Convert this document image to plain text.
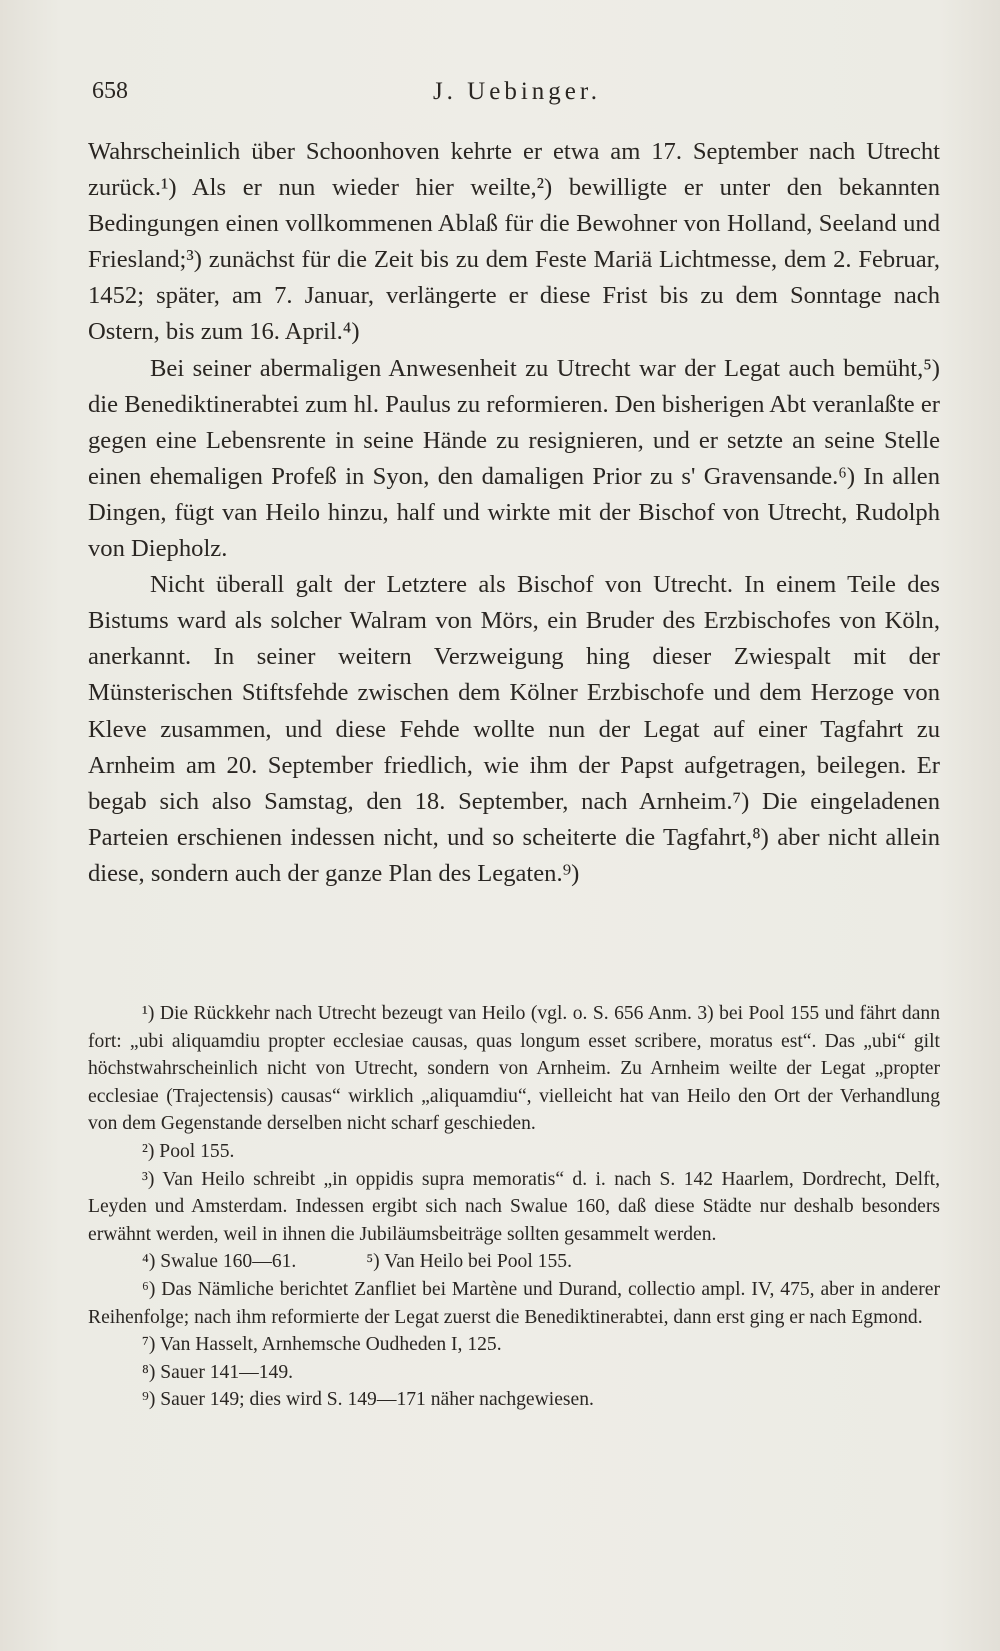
658	J. Uebinger.

Wahrscheinlich über Schoonhoven kehrte er etwa am 17. September nach Utrecht zurück.¹) Als er nun wieder hier weilte,²) bewilligte er unter den bekannten Bedingungen einen vollkommenen Ablaß für die Bewohner von Holland, Seeland und Friesland;³) zunächst für die Zeit bis zu dem Feste Mariä Lichtmesse, dem 2. Februar, 1452; später, am 7. Januar, verlängerte er diese Frist bis zu dem Sonntage nach Ostern, bis zum 16. April.⁴)

Bei seiner abermaligen Anwesenheit zu Utrecht war der Legat auch bemüht,⁵) die Benediktinerabtei zum hl. Paulus zu reformieren. Den bisherigen Abt veranlaßte er gegen eine Lebensrente in seine Hände zu resignieren, und er setzte an seine Stelle einen ehemaligen Profeß in Syon, den damaligen Prior zu s' Gravensande.⁶) In allen Dingen, fügt van Heilo hinzu, half und wirkte mit der Bischof von Utrecht, Rudolph von Diepholz.

Nicht überall galt der Letztere als Bischof von Utrecht. In einem Teile des Bistums ward als solcher Walram von Mörs, ein Bruder des Erzbischofes von Köln, anerkannt. In seiner weitern Verzweigung hing dieser Zwiespalt mit der Münsterischen Stiftsfehde zwischen dem Kölner Erzbischofe und dem Herzoge von Kleve zusammen, und diese Fehde wollte nun der Legat auf einer Tagfahrt zu Arnheim am 20. September friedlich, wie ihm der Papst aufgetragen, beilegen. Er begab sich also Samstag, den 18. September, nach Arnheim.⁷) Die eingeladenen Parteien erschienen indessen nicht, und so scheiterte die Tagfahrt,⁸) aber nicht allein diese, sondern auch der ganze Plan des Legaten.⁹)

¹) Die Rückkehr nach Utrecht bezeugt van Heilo (vgl. o. S. 656 Anm. 3) bei Pool 155 und fährt dann fort: „ubi aliquamdiu propter ecclesiae causas, quas longum esset scribere, moratus est“. Das „ubi“ gilt höchstwahrscheinlich nicht von Utrecht, sondern von Arnheim. Zu Arnheim weilte der Legat „propter ecclesiae (Trajectensis) causas“ wirklich „aliquamdiu“, vielleicht hat van Heilo den Ort der Verhandlung von dem Gegenstande derselben nicht scharf geschieden.

²) Pool 155.

³) Van Heilo schreibt „in oppidis supra memoratis“ d. i. nach S. 142 Haarlem, Dordrecht, Delft, Leyden und Amsterdam. Indessen ergibt sich nach Swalue 160, daß diese Städte nur deshalb besonders erwähnt werden, weil in ihnen die Jubiläumsbeiträge sollten gesammelt werden.

⁴) Swalue 160—61.	⁵) Van Heilo bei Pool 155.

⁶) Das Nämliche berichtet Zanfliet bei Martène und Durand, collectio ampl. IV, 475, aber in anderer Reihenfolge; nach ihm reformierte der Legat zuerst die Benediktinerabtei, dann erst ging er nach Egmond.

⁷) Van Hasselt, Arnhemsche Oudheden I, 125.

⁸) Sauer 141—149.

⁹) Sauer 149; dies wird S. 149—171 näher nachgewiesen.
